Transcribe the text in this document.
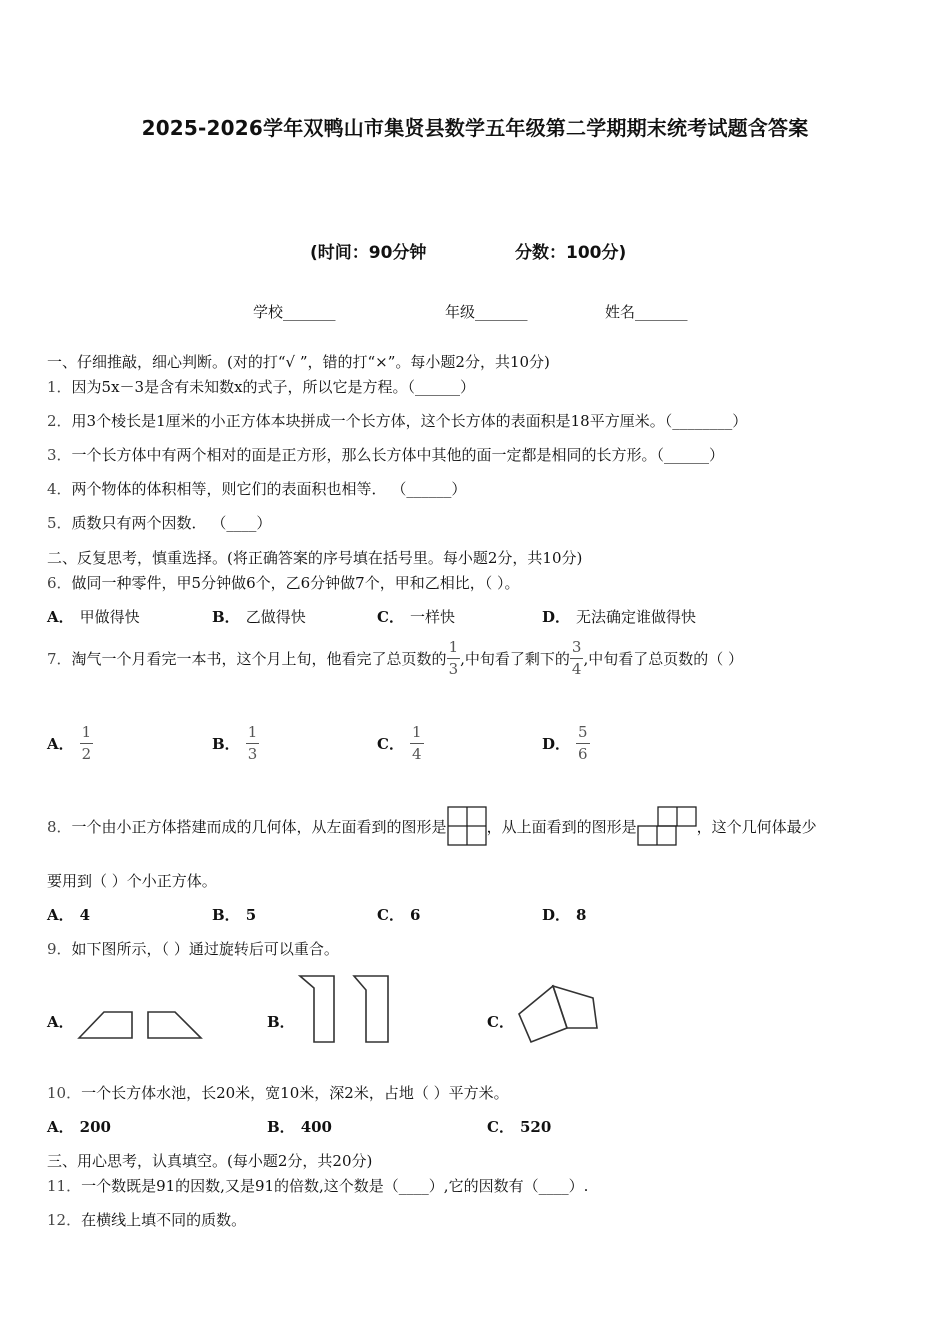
2025-2026学年双鸭山市集贤县数学五年级第二学期期末统考试题含答案
(时间：90分钟	分数：100分)
学校_______	年级_______	姓名_______
一、仔细推敲，细心判断。(对的打“√ ”，错的打“×”。每小题2分，共10分)
1．因为5x－3是含有未知数x的式子，所以它是方程。（______）
2．用3个棱长是1厘米的小正方体本块拼成一个长方体，这个长方体的表面积是18平方厘米。（________）
3．一个长方体中有两个相对的面是正方形，那么长方体中其他的面一定都是相同的长方形。（______）
4．两个物体的体积相等，则它们的表面积也相等． （______）
5．质数只有两个因数． （____）
二、反复思考，慎重选择。(将正确答案的序号填在括号里。每小题2分，共10分)
6．做同一种零件，甲5分钟做6个，乙6分钟做7个，甲和乙相比，（ ）。
A． 甲做得快	B． 乙做得快	C． 一样快	D． 无法确定谁做得快
7． 淘气一个月看完一本书，这个月上旬，他看完了总页数的 $\frac{1}{3}$ ,中旬看了剩下的 $\frac{3}{4}$ ,中旬看了总页数的（ ）
A． $\frac{1}{2}$	B． $\frac{1}{3}$	C． $\frac{1}{4}$	D． $\frac{5}{6}$
8． 一个由小正方体搭建而成的几何体，从左面看到的图形是	，从上面看到的图形是	，这个几何体最少
要用到（ ）个小正方体。
A． 4	B． 5	C． 6	D． 8
9．如下图所示，（ ）通过旋转后可以重合。
A．	B．	C．
10．一个长方体水池，长20米，宽10米，深2米，占地（ ）平方米。
A． 200	B． 400	C． 520
三、用心思考，认真填空。(每小题2分，共20分)
11．一个数既是91的因数,又是91的倍数,这个数是（____）,它的因数有（____）.
12．在横线上填不同的质数。
